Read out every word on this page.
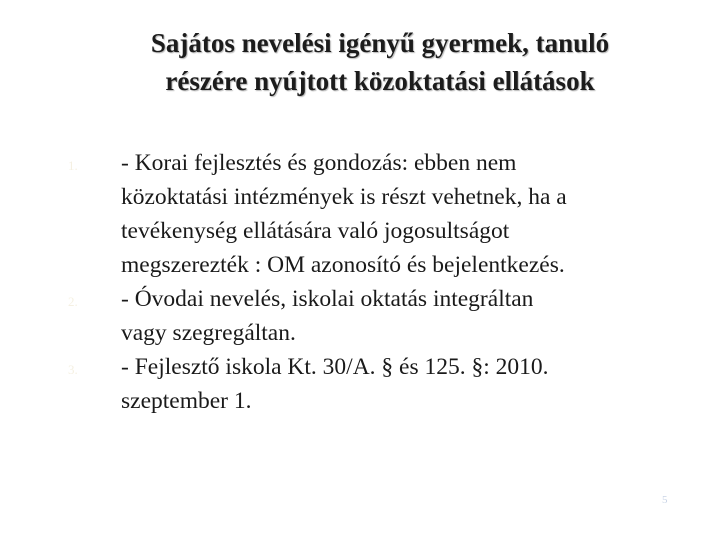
Sajátos nevelési igényű gyermek, tanuló
részére nyújtott közoktatási ellátások
1. - Korai fejlesztés és gondozás: ebben nem
közoktatási intézmények is részt vehetnek, ha a
tevékenység ellátására való jogosultságot
megszerezték : OM azonosító és bejelentkezés.
2. - Óvodai nevelés, iskolai oktatás integráltan
vagy szegregáltan.
3. - Fejlesztő iskola Kt. 30/A. § és 125. §: 2010.
szeptember 1.
5
